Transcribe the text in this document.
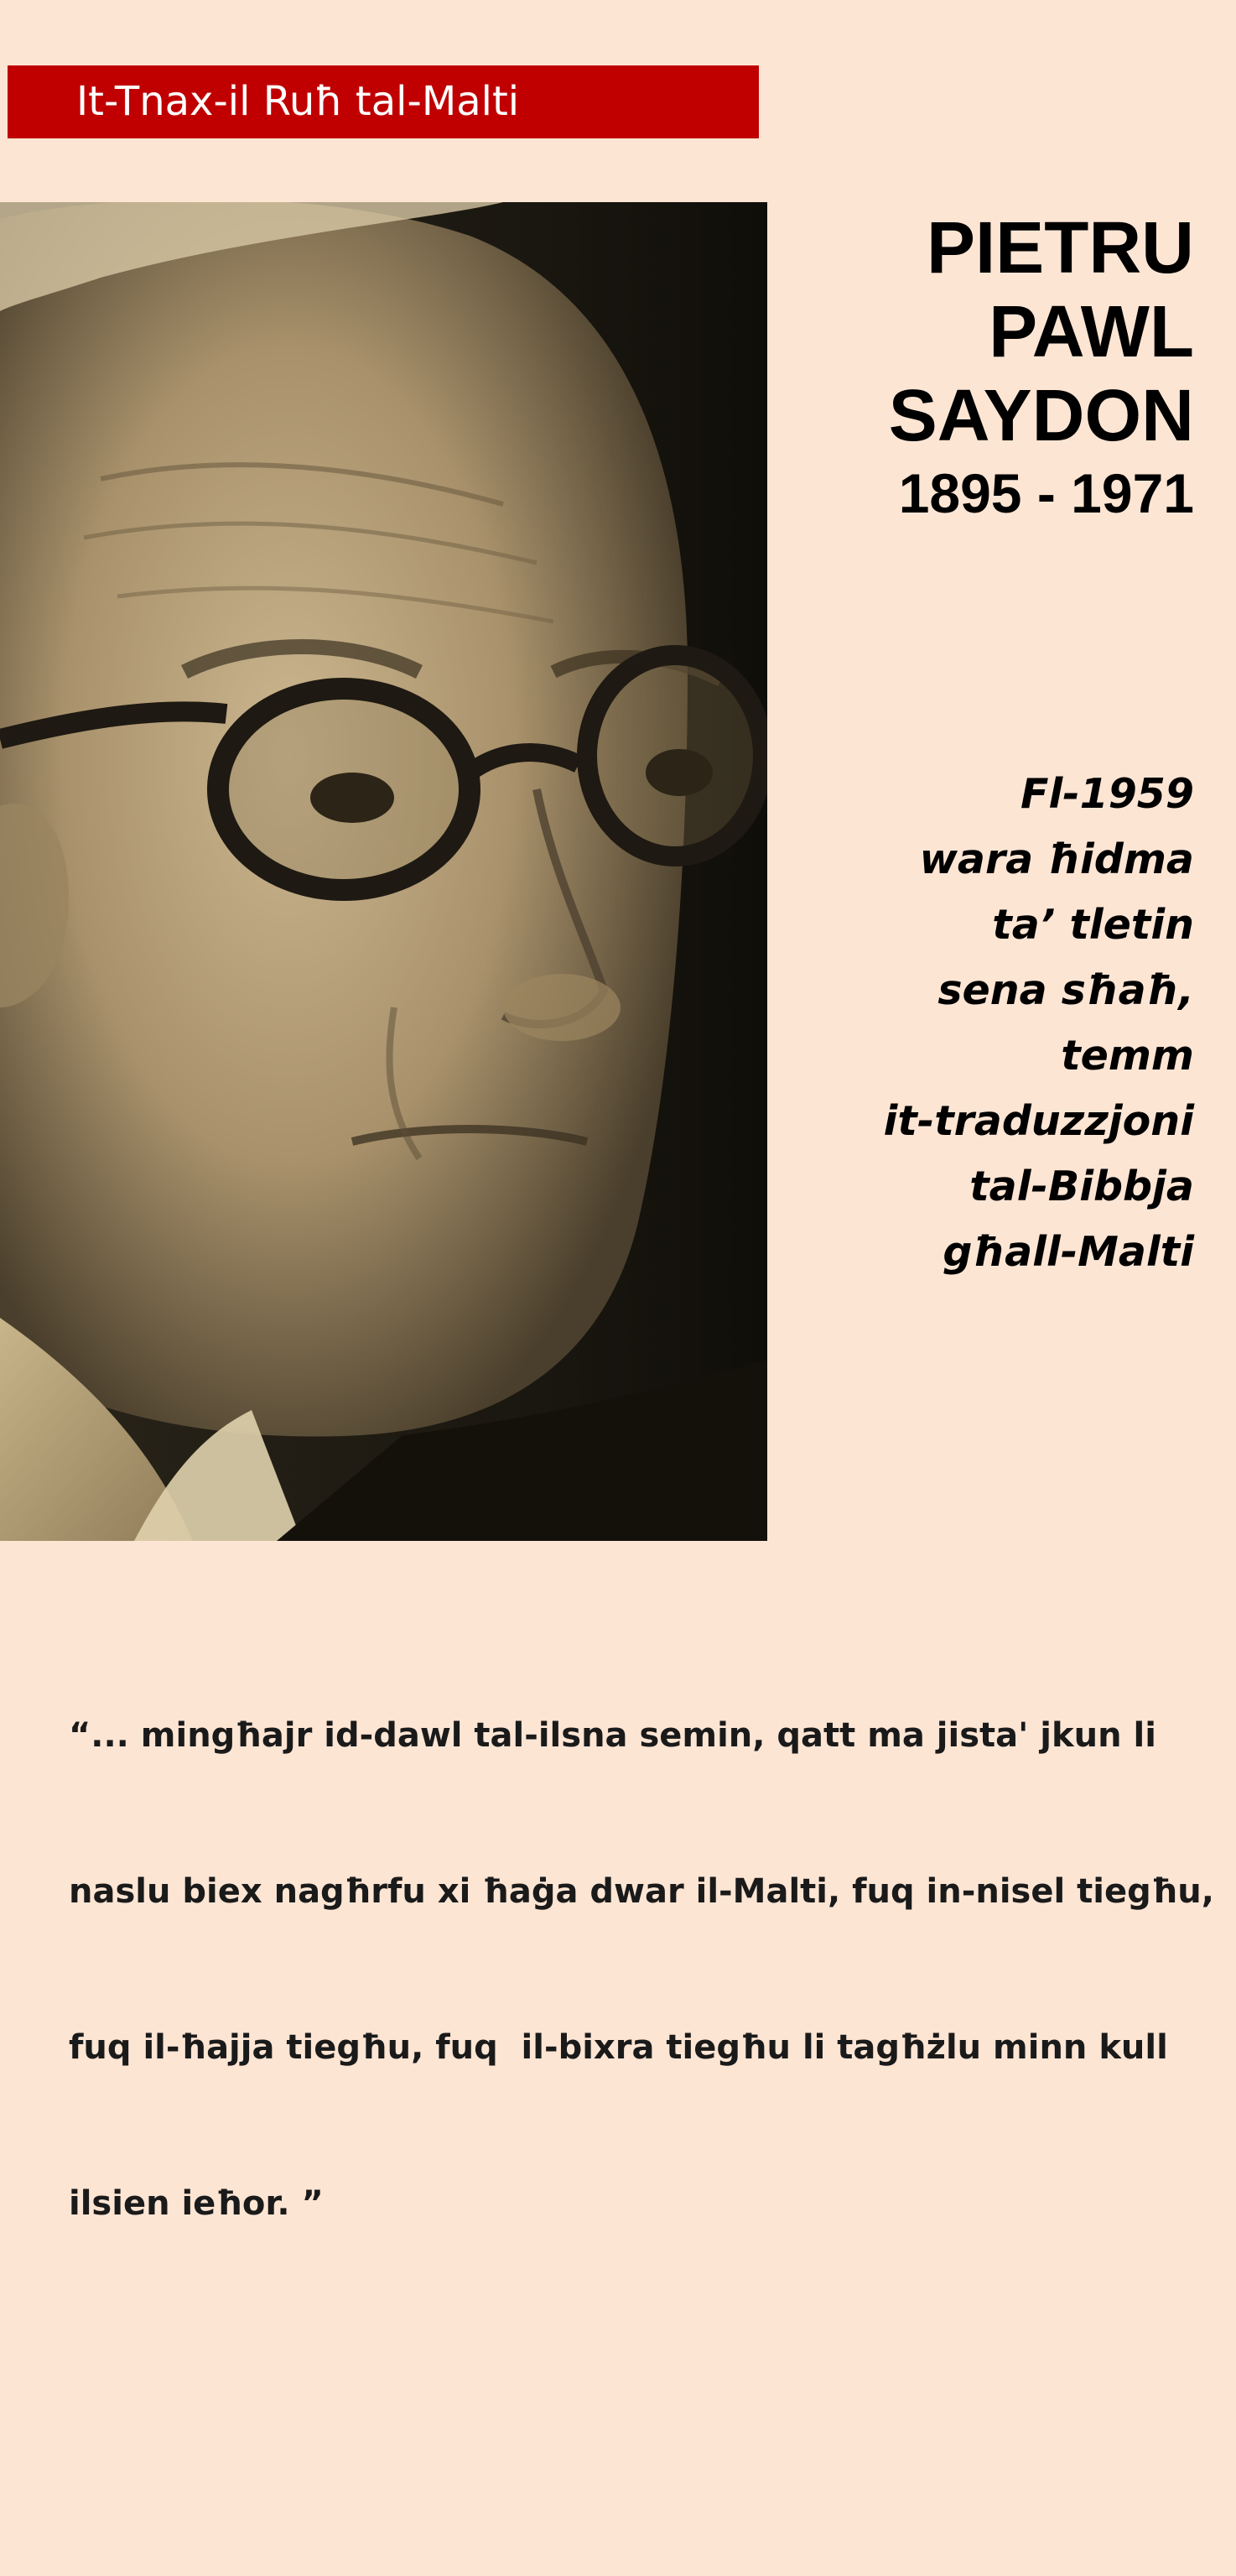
It-Tnax-il Ruħ tal-Malti
PIETRU
PAWL
SAYDON
1895 - 1971
Fl-1959
wara ħidma
ta’ tletin
sena sħaħ,
temm
it-traduzzjoni
tal-Bibbja
għall-Malti

“... mingħajr id-dawl tal-ilsna semin, qatt ma jista' jkun li

naslu biex nagħrfu xi ħaġa dwar il-Malti, fuq in-nisel tiegħu,

fuq il-ħajja tiegħu, fuq  il-bixra tiegħu li tagħżlu minn kull

ilsien ieħor. ”
